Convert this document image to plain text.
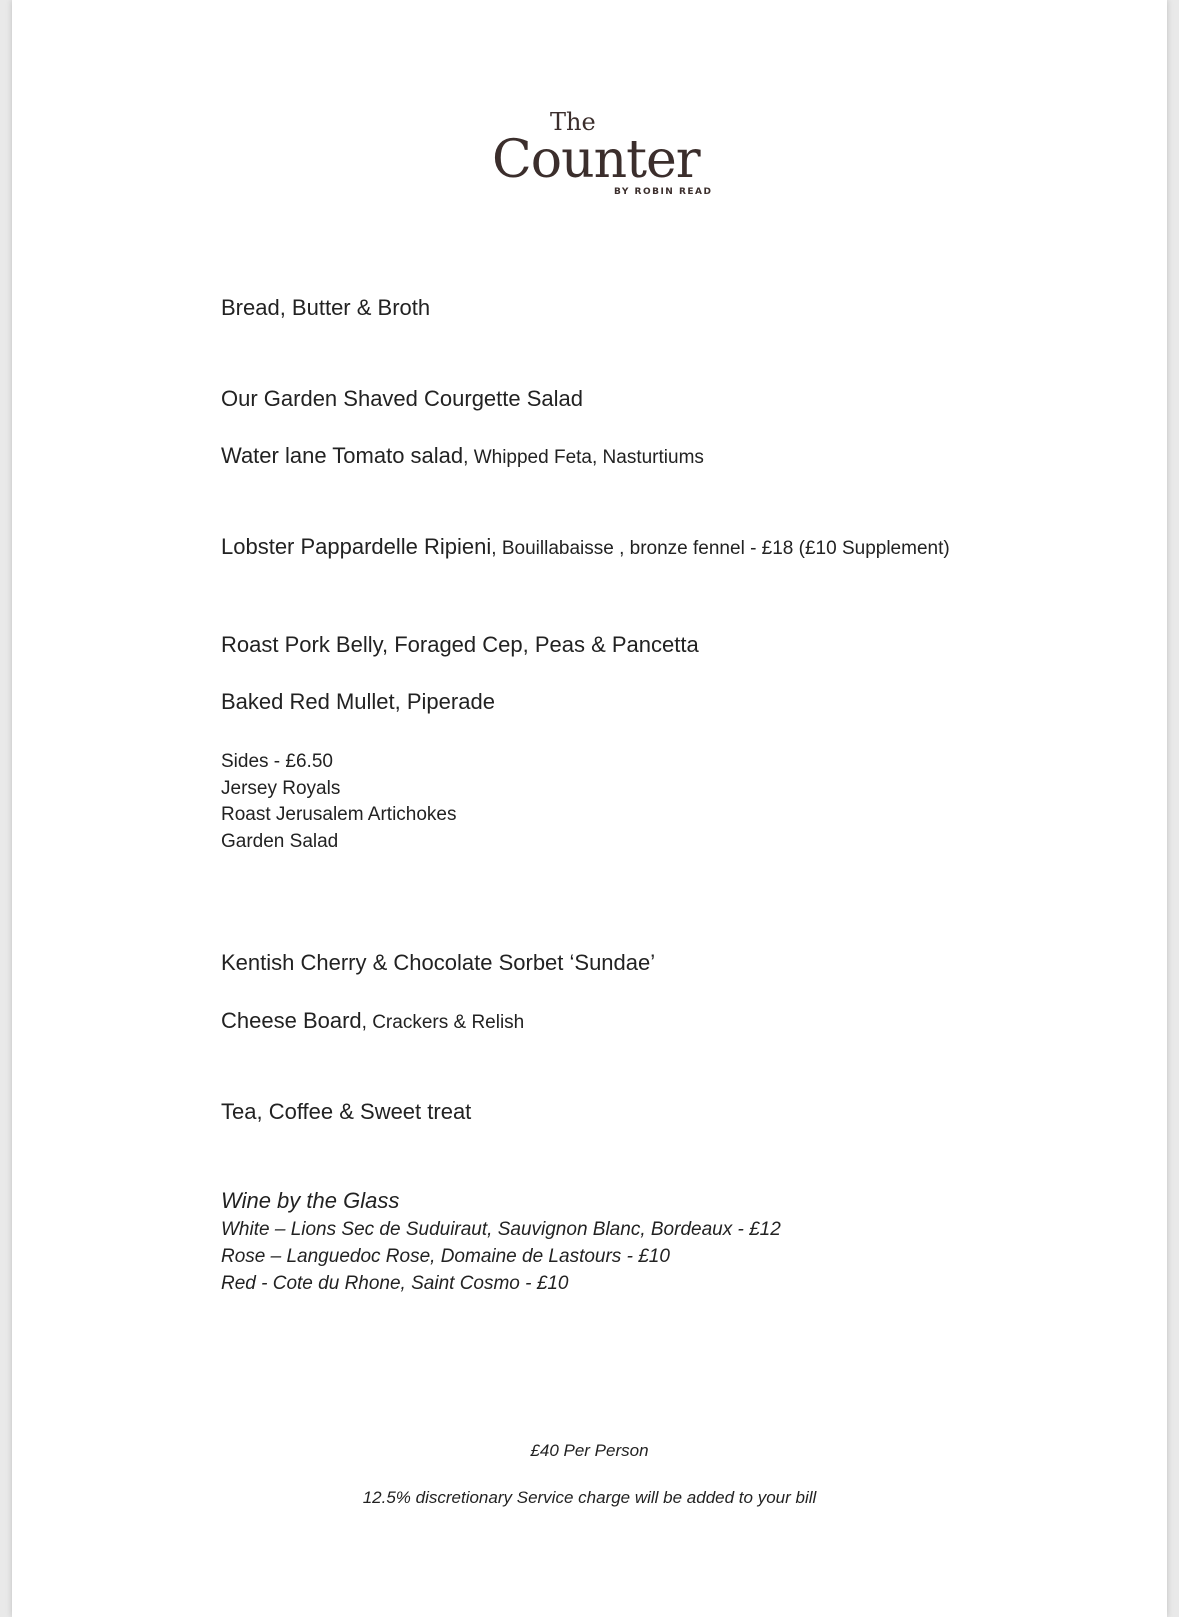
The
Counter
BY ROBIN READ
Bread, Butter & Broth
Our Garden Shaved Courgette Salad
Water lane Tomato salad, Whipped Feta, Nasturtiums
Lobster Pappardelle Ripieni, Bouillabaisse , bronze fennel - £18 (£10 Supplement)
Roast Pork Belly, Foraged Cep, Peas & Pancetta
Baked Red Mullet, Piperade
Sides - £6.50
Jersey Royals
Roast Jerusalem Artichokes
Garden Salad
Kentish Cherry & Chocolate Sorbet ‘Sundae’
Cheese Board, Crackers & Relish
Tea, Coffee & Sweet treat
Wine by the Glass
White – Lions Sec de Suduiraut, Sauvignon Blanc, Bordeaux - £12
Rose – Languedoc Rose, Domaine de Lastours - £10
Red - Cote du Rhone, Saint Cosmo - £10
£40 Per Person
12.5% discretionary Service charge will be added to your bill
